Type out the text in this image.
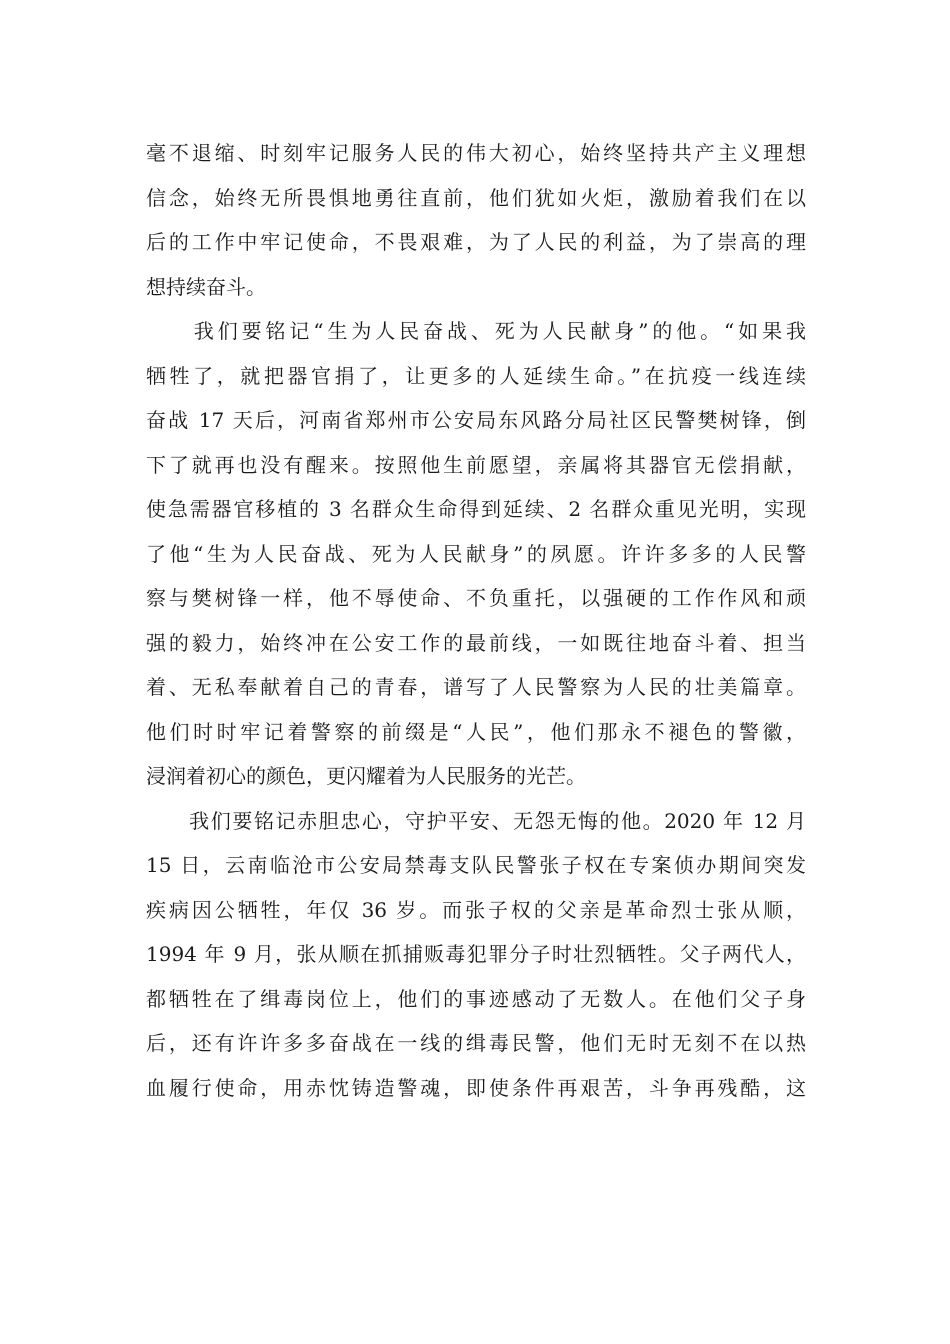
毫不退缩、时刻牢记服务人民的伟大初心，始终坚持共产主义理想
信念，始终无所畏惧地勇往直前，他们犹如火炬，激励着我们在以
后的工作中牢记使命，不畏艰难，为了人民的利益，为了崇高的理
想持续奋斗。
　　我们要铭记“生为人民奋战、死为人民献身”的他。“如果我
牺牲了，就把器官捐了，让更多的人延续生命。”在抗疫一线连续
奋战 17 天后，河南省郑州市公安局东风路分局社区民警樊树锋，倒
下了就再也没有醒来。按照他生前愿望，亲属将其器官无偿捐献，
使急需器官移植的 3 名群众生命得到延续、2 名群众重见光明，实现
了他“生为人民奋战、死为人民献身”的夙愿。许许多多的人民警
察与樊树锋一样，他不辱使命、不负重托，以强硬的工作作风和顽
强的毅力，始终冲在公安工作的最前线，一如既往地奋斗着、担当
着、无私奉献着自己的青春，谱写了人民警察为人民的壮美篇章。
他们时时牢记着警察的前缀是“人民”，他们那永不褪色的警徽，
浸润着初心的颜色，更闪耀着为人民服务的光芒。
　　我们要铭记赤胆忠心，守护平安、无怨无悔的他。2020 年 12 月
15 日，云南临沧市公安局禁毒支队民警张子权在专案侦办期间突发
疾病因公牺牲，年仅 36 岁。而张子权的父亲是革命烈士张从顺，
1994 年 9 月，张从顺在抓捕贩毒犯罪分子时壮烈牺牲。父子两代人，
都牺牲在了缉毒岗位上，他们的事迹感动了无数人。在他们父子身
后，还有许许多多奋战在一线的缉毒民警，他们无时无刻不在以热
血履行使命，用赤忱铸造警魂，即使条件再艰苦，斗争再残酷，这
